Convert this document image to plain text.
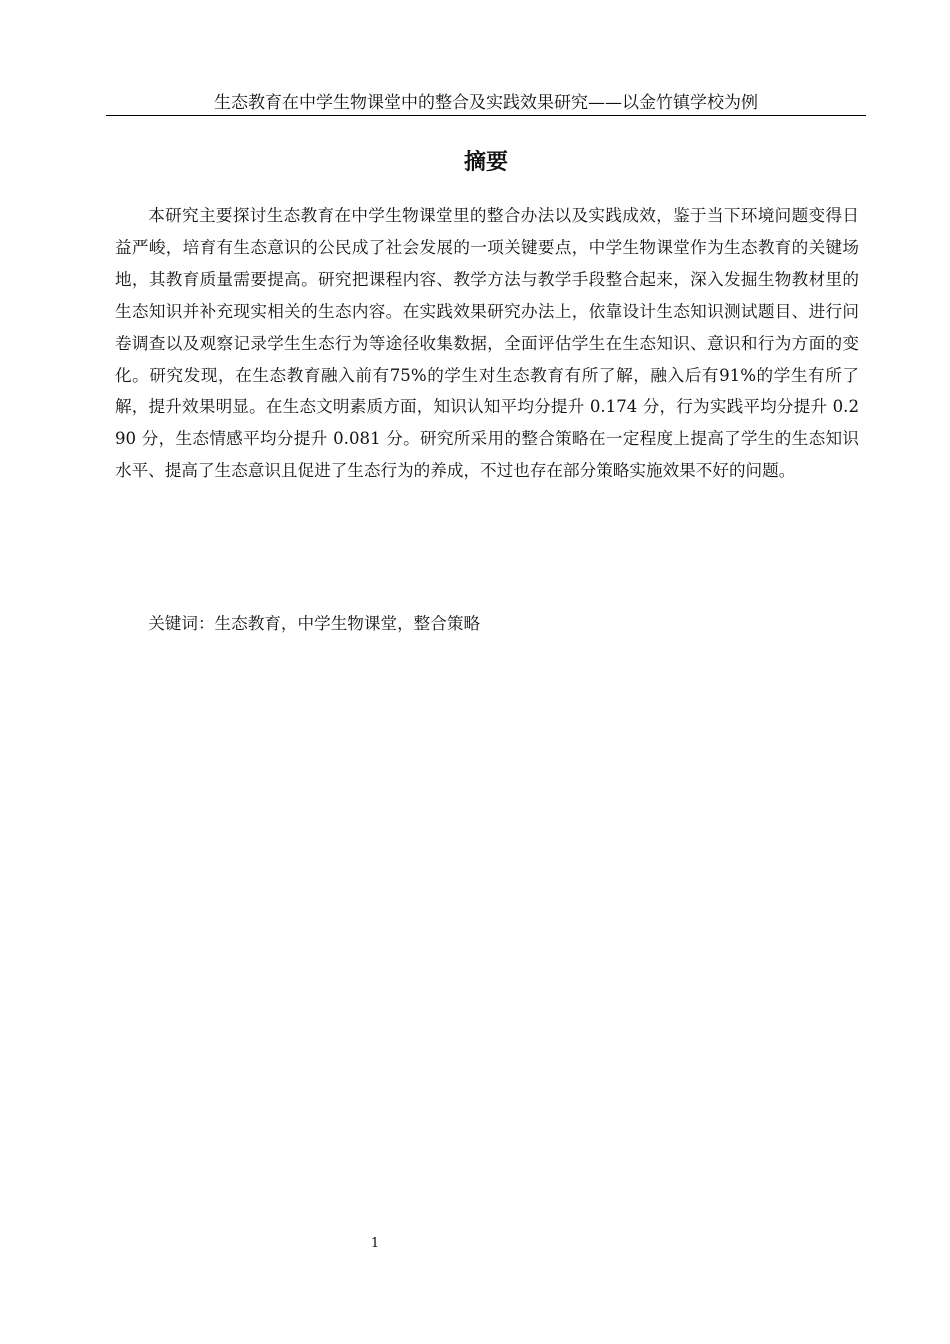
生态教育在中学生物课堂中的整合及实践效果研究——以金竹镇学校为例
摘要

本研究主要探讨生态教育在中学生物课堂里的整合办法以及实践成效，鉴于当下环境问题变得日益严峻，培育有生态意识的公民成了社会发展的一项关键要点，中学生物课堂作为生态教育的关键场地，其教育质量需要提高。研究把课程内容、教学方法与教学手段整合起来，深入发掘生物教材里的生态知识并补充现实相关的生态内容。在实践效果研究办法上，依靠设计生态知识测试题目、进行问卷调查以及观察记录学生生态行为等途径收集数据，全面评估学生在生态知识、意识和行为方面的变化。研究发现，在生态教育融入前有75%的学生对生态教育有所了解，融入后有91%的学生有所了解，提升效果明显。在生态文明素质方面，知识认知平均分提升 0.174 分，行为实践平均分提升 0.290 分，生态情感平均分提升 0.081 分。研究所采用的整合策略在一定程度上提高了学生的生态知识水平、提高了生态意识且促进了生态行为的养成，不过也存在部分策略实施效果不好的问题。

关键词：生态教育，中学生物课堂，整合策略

1
